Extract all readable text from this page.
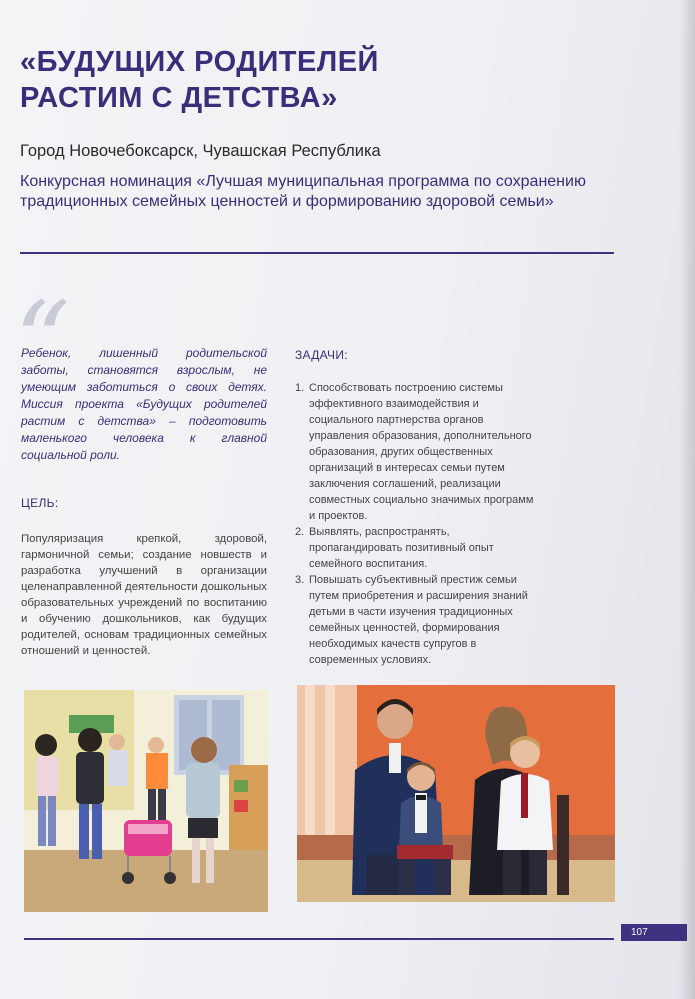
«БУДУЩИХ РОДИТЕЛЕЙ РАСТИМ С ДЕТСТВА»
Город Новочебоксарск, Чувашская Республика
Конкурсная номинация «Лучшая муниципальная программа по сохранению традиционных семейных ценностей и формированию здоровой семьи»
“
Ребенок, лишенный родительской заботы, становятся взрослым, не умеющим заботиться о своих детях. Миссия проекта «Будущих родителей растим с детства» – подготовить маленького человека к главной социальной роли.
ЦЕЛЬ:
Популяризация крепкой, здоровой, гармоничной семьи; создание новшеств и разработка улучшений в организации целенаправленной деятельности дошкольных образовательных учреждений по воспитанию и обучению дошкольников, как будущих родителей, основам традиционных семейных отношений и ценностей.
ЗАДАЧИ:
1. Способствовать построению системы эффективного взаимодействия и социального партнерства органов управления образования, дополнительного образования, других общественных организаций в интересах семьи путем заключения соглашений, реализации совместных социально значимых программ и проектов.
2. Выявлять, распространять, пропагандировать позитивный опыт семейного воспитания.
3. Повышать субъективный престиж семьи путем приобретения и расширения знаний детьми в части изучения традиционных семейных ценностей, формирования необходимых качеств супругов в современных условиях.
107
